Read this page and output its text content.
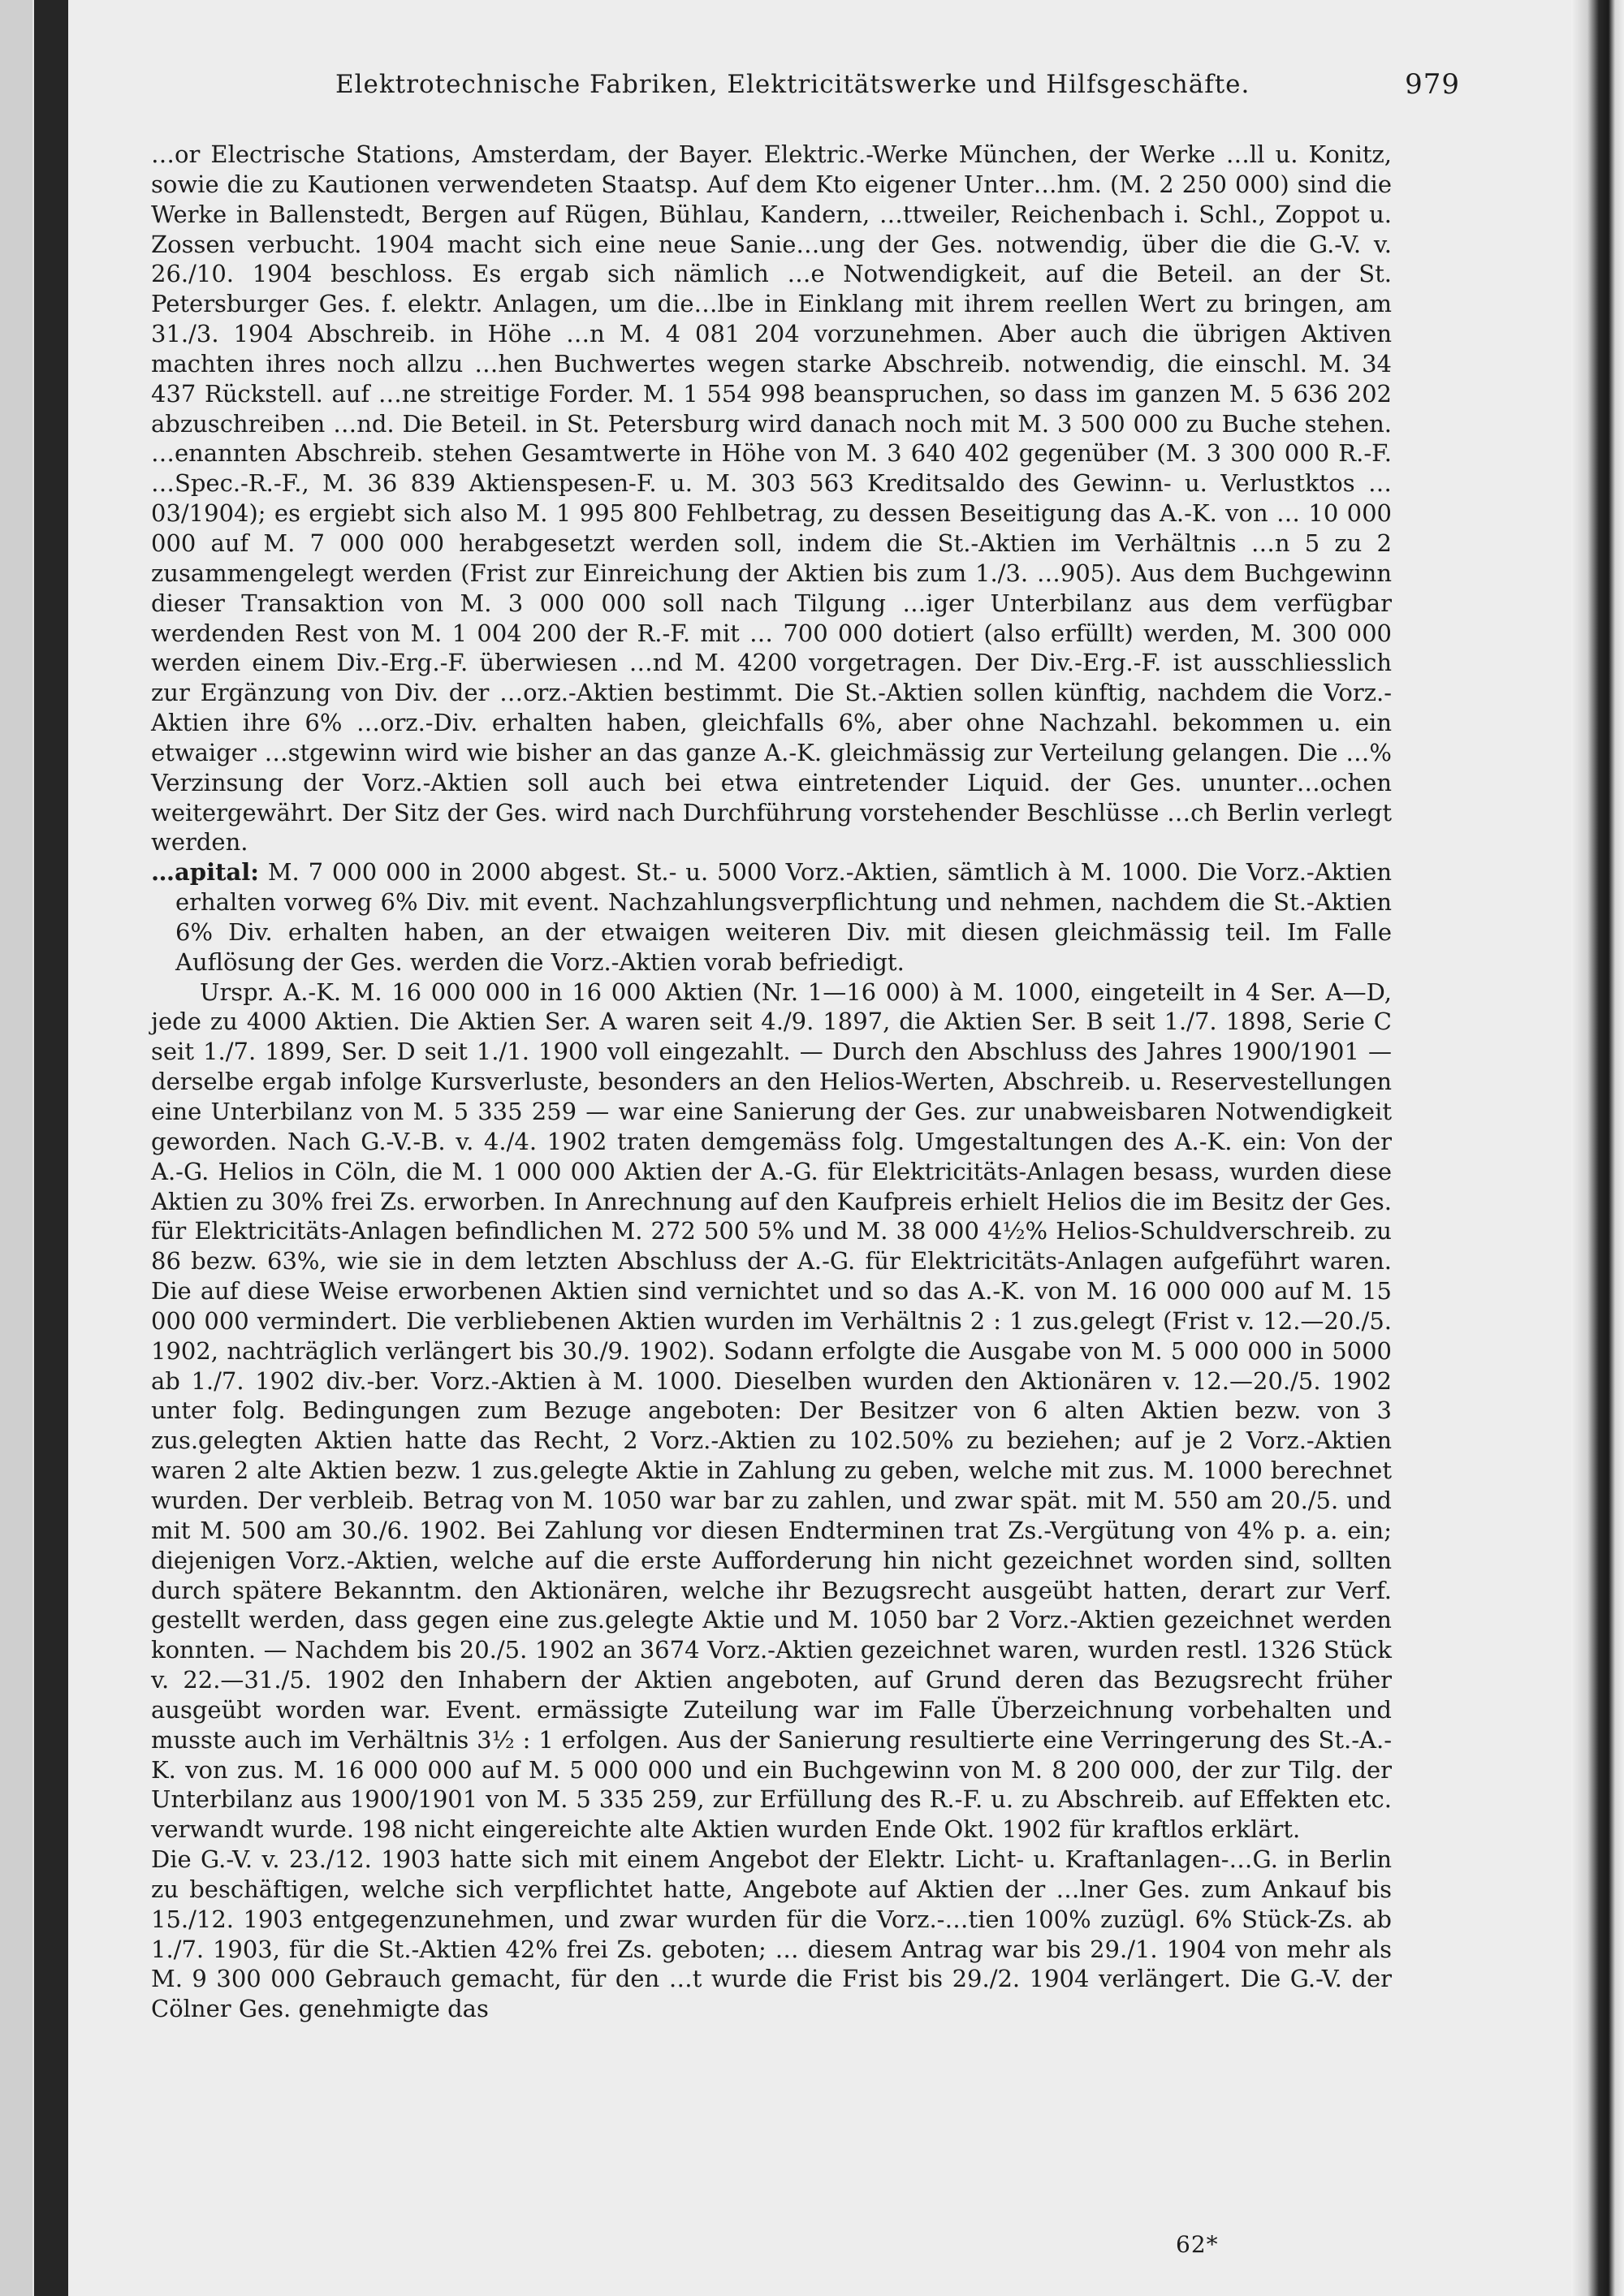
Elektrotechnische Fabriken, Elektricitätswerke und Hilfsgeschäfte.	979

…or Electrische Stations, Amsterdam, der Bayer. Elektric.-Werke München, der Werke …ll u. Konitz, sowie die zu Kautionen verwendeten Staatsp. Auf dem Kto eigener Unter…hm. (M. 2 250 000) sind die Werke in Ballenstedt, Bergen auf Rügen, Bühlau, Kandern, …ttweiler, Reichenbach i. Schl., Zoppot u. Zossen verbucht. 1904 macht sich eine neue Sanie…ung der Ges. notwendig, über die die G.-V. v. 26./10. 1904 beschloss. Es ergab sich nämlich …e Notwendigkeit, auf die Beteil. an der St. Petersburger Ges. f. elektr. Anlagen, um die…lbe in Einklang mit ihrem reellen Wert zu bringen, am 31./3. 1904 Abschreib. in Höhe …n M. 4 081 204 vorzunehmen. Aber auch die übrigen Aktiven machten ihres noch allzu …hen Buchwertes wegen starke Abschreib. notwendig, die einschl. M. 34 437 Rückstell. auf …ne streitige Forder. M. 1 554 998 beanspruchen, so dass im ganzen M. 5 636 202 abzuschreiben …nd. Die Beteil. in St. Petersburg wird danach noch mit M. 3 500 000 zu Buche stehen. …enannten Abschreib. stehen Gesamtwerte in Höhe von M. 3 640 402 gegenüber (M. 3 300 000 R.-F. …Spec.-R.-F., M. 36 839 Aktienspesen-F. u. M. 303 563 Kreditsaldo des Gewinn- u. Verlustktos …03/1904); es ergiebt sich also M. 1 995 800 Fehlbetrag, zu dessen Beseitigung das A.-K. von … 10 000 000 auf M. 7 000 000 herabgesetzt werden soll, indem die St.-Aktien im Verhältnis …n 5 zu 2 zusammengelegt werden (Frist zur Einreichung der Aktien bis zum 1./3. …905). Aus dem Buchgewinn dieser Transaktion von M. 3 000 000 soll nach Tilgung …iger Unterbilanz aus dem verfügbar werdenden Rest von M. 1 004 200 der R.-F. mit … 700 000 dotiert (also erfüllt) werden, M. 300 000 werden einem Div.-Erg.-F. überwiesen …nd M. 4200 vorgetragen. Der Div.-Erg.-F. ist ausschliesslich zur Ergänzung von Div. der …orz.-Aktien bestimmt. Die St.-Aktien sollen künftig, nachdem die Vorz.-Aktien ihre 6% …orz.-Div. erhalten haben, gleichfalls 6%, aber ohne Nachzahl. bekommen u. ein etwaiger …stgewinn wird wie bisher an das ganze A.-K. gleichmässig zur Verteilung gelangen. Die …% Verzinsung der Vorz.-Aktien soll auch bei etwa eintretender Liquid. der Ges. ununter…ochen weitergewährt. Der Sitz der Ges. wird nach Durchführung vorstehender Beschlüsse …ch Berlin verlegt werden.

…apital: M. 7 000 000 in 2000 abgest. St.- u. 5000 Vorz.-Aktien, sämtlich à M. 1000. Die Vorz.-Aktien erhalten vorweg 6% Div. mit event. Nachzahlungsverpflichtung und nehmen, nachdem die St.-Aktien 6% Div. erhalten haben, an der etwaigen weiteren Div. mit diesen gleichmässig teil. Im Falle Auflösung der Ges. werden die Vorz.-Aktien vorab befriedigt.

Urspr. A.-K. M. 16 000 000 in 16 000 Aktien (Nr. 1—16 000) à M. 1000, eingeteilt in 4 Ser. A—D, jede zu 4000 Aktien. Die Aktien Ser. A waren seit 4./9. 1897, die Aktien Ser. B seit 1./7. 1898, Serie C seit 1./7. 1899, Ser. D seit 1./1. 1900 voll eingezahlt. — Durch den Abschluss des Jahres 1900/1901 — derselbe ergab infolge Kursverluste, besonders an den Helios-Werten, Abschreib. u. Reservestellungen eine Unterbilanz von M. 5 335 259 — war eine Sanierung der Ges. zur unabweisbaren Notwendigkeit geworden. Nach G.-V.-B. v. 4./4. 1902 traten demgemäss folg. Umgestaltungen des A.-K. ein: Von der A.-G. Helios in Cöln, die M. 1 000 000 Aktien der A.-G. für Elektricitäts-Anlagen besass, wurden diese Aktien zu 30% frei Zs. erworben. In Anrechnung auf den Kaufpreis erhielt Helios die im Besitz der Ges. für Elektricitäts-Anlagen befindlichen M. 272 500 5% und M. 38 000 4½% Helios-Schuldverschreib. zu 86 bezw. 63%, wie sie in dem letzten Abschluss der A.-G. für Elektricitäts-Anlagen aufgeführt waren. Die auf diese Weise erworbenen Aktien sind vernichtet und so das A.-K. von M. 16 000 000 auf M. 15 000 000 vermindert. Die verbliebenen Aktien wurden im Verhältnis 2 : 1 zus.gelegt (Frist v. 12.—20./5. 1902, nachträglich verlängert bis 30./9. 1902). Sodann erfolgte die Ausgabe von M. 5 000 000 in 5000 ab 1./7. 1902 div.-ber. Vorz.-Aktien à M. 1000. Dieselben wurden den Aktionären v. 12.—20./5. 1902 unter folg. Bedingungen zum Bezuge angeboten: Der Besitzer von 6 alten Aktien bezw. von 3 zus.gelegten Aktien hatte das Recht, 2 Vorz.-Aktien zu 102.50% zu beziehen; auf je 2 Vorz.-Aktien waren 2 alte Aktien bezw. 1 zus.gelegte Aktie in Zahlung zu geben, welche mit zus. M. 1000 berechnet wurden. Der verbleib. Betrag von M. 1050 war bar zu zahlen, und zwar spät. mit M. 550 am 20./5. und mit M. 500 am 30./6. 1902. Bei Zahlung vor diesen Endterminen trat Zs.-Vergütung von 4% p. a. ein; diejenigen Vorz.-Aktien, welche auf die erste Aufforderung hin nicht gezeichnet worden sind, sollten durch spätere Bekanntm. den Aktionären, welche ihr Bezugsrecht ausgeübt hatten, derart zur Verf. gestellt werden, dass gegen eine zus.gelegte Aktie und M. 1050 bar 2 Vorz.-Aktien gezeichnet werden konnten. — Nachdem bis 20./5. 1902 an 3674 Vorz.-Aktien gezeichnet waren, wurden restl. 1326 Stück v. 22.—31./5. 1902 den Inhabern der Aktien angeboten, auf Grund deren das Bezugsrecht früher ausgeübt worden war. Event. ermässigte Zuteilung war im Falle Überzeichnung vorbehalten und musste auch im Verhältnis 3½ : 1 erfolgen. Aus der Sanierung resultierte eine Verringerung des St.-A.-K. von zus. M. 16 000 000 auf M. 5 000 000 und ein Buchgewinn von M. 8 200 000, der zur Tilg. der Unterbilanz aus 1900/1901 von M. 5 335 259, zur Erfüllung des R.-F. u. zu Abschreib. auf Effekten etc. verwandt wurde. 198 nicht eingereichte alte Aktien wurden Ende Okt. 1902 für kraftlos erklärt.

Die G.-V. v. 23./12. 1903 hatte sich mit einem Angebot der Elektr. Licht- u. Kraftanlagen-…G. in Berlin zu beschäftigen, welche sich verpflichtet hatte, Angebote auf Aktien der …lner Ges. zum Ankauf bis 15./12. 1903 entgegenzunehmen, und zwar wurden für die Vorz.-…tien 100% zuzügl. 6% Stück-Zs. ab 1./7. 1903, für die St.-Aktien 42% frei Zs. geboten; … diesem Antrag war bis 29./1. 1904 von mehr als M. 9 300 000 Gebrauch gemacht, für den …t wurde die Frist bis 29./2. 1904 verlängert. Die G.-V. der Cölner Ges. genehmigte das

62*
